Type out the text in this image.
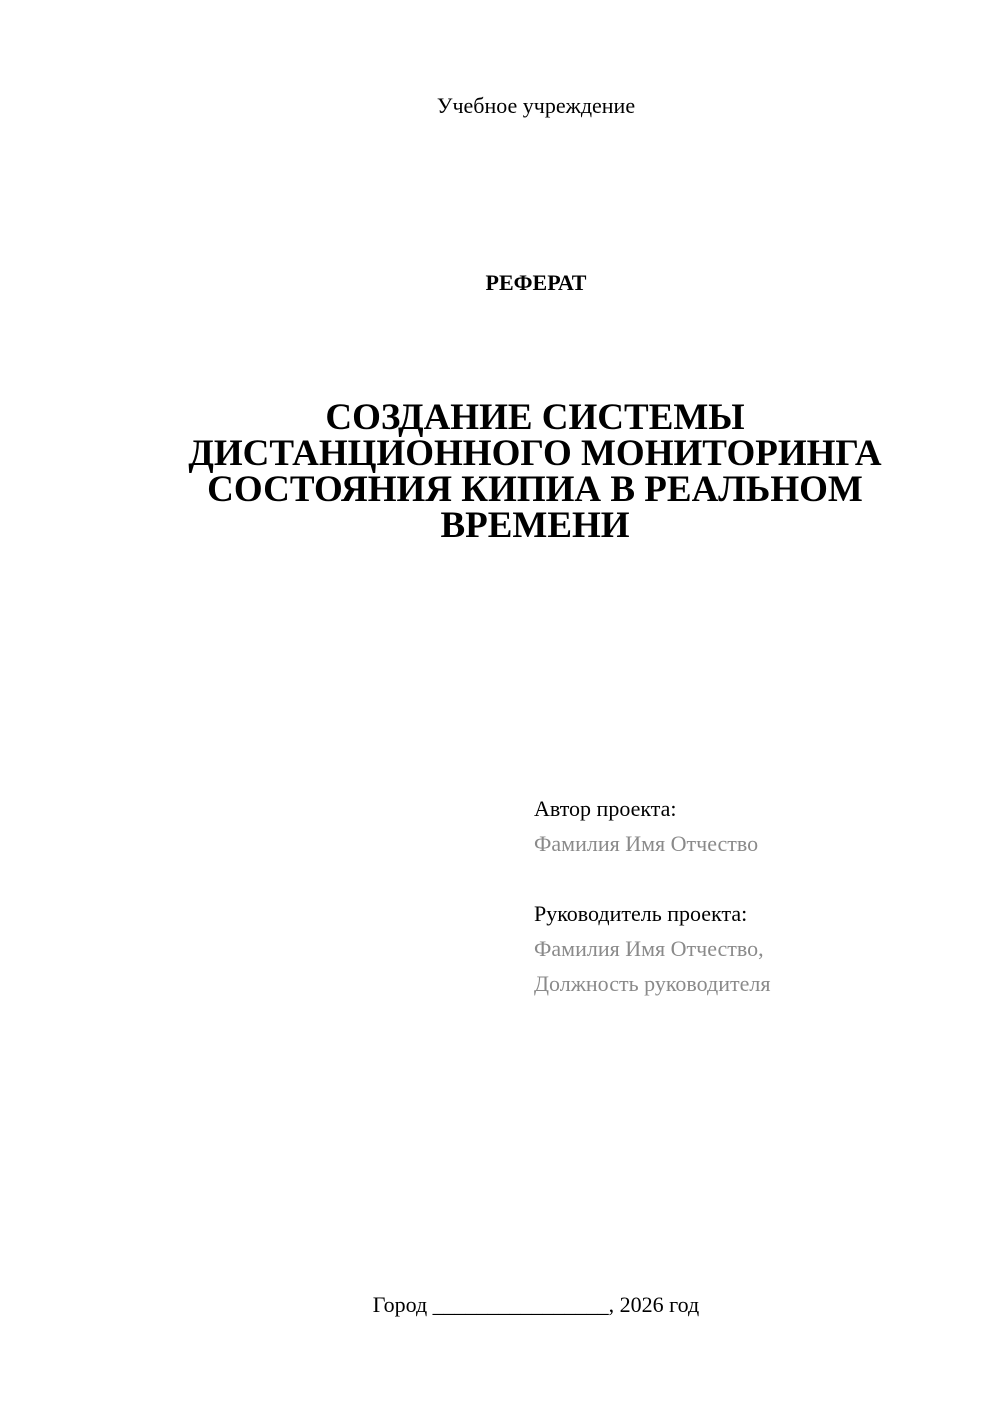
Учебное учреждение
РЕФЕРАТ
СОЗДАНИЕ СИСТЕМЫ
ДИСТАНЦИОННОГО МОНИТОРИНГА
СОСТОЯНИЯ КИПИА В РЕАЛЬНОМ
ВРЕМЕНИ
Автор проекта:
Фамилия Имя Отчество
Руководитель проекта:
Фамилия Имя Отчество,
Должность руководителя
Город ________________, 2026 год
